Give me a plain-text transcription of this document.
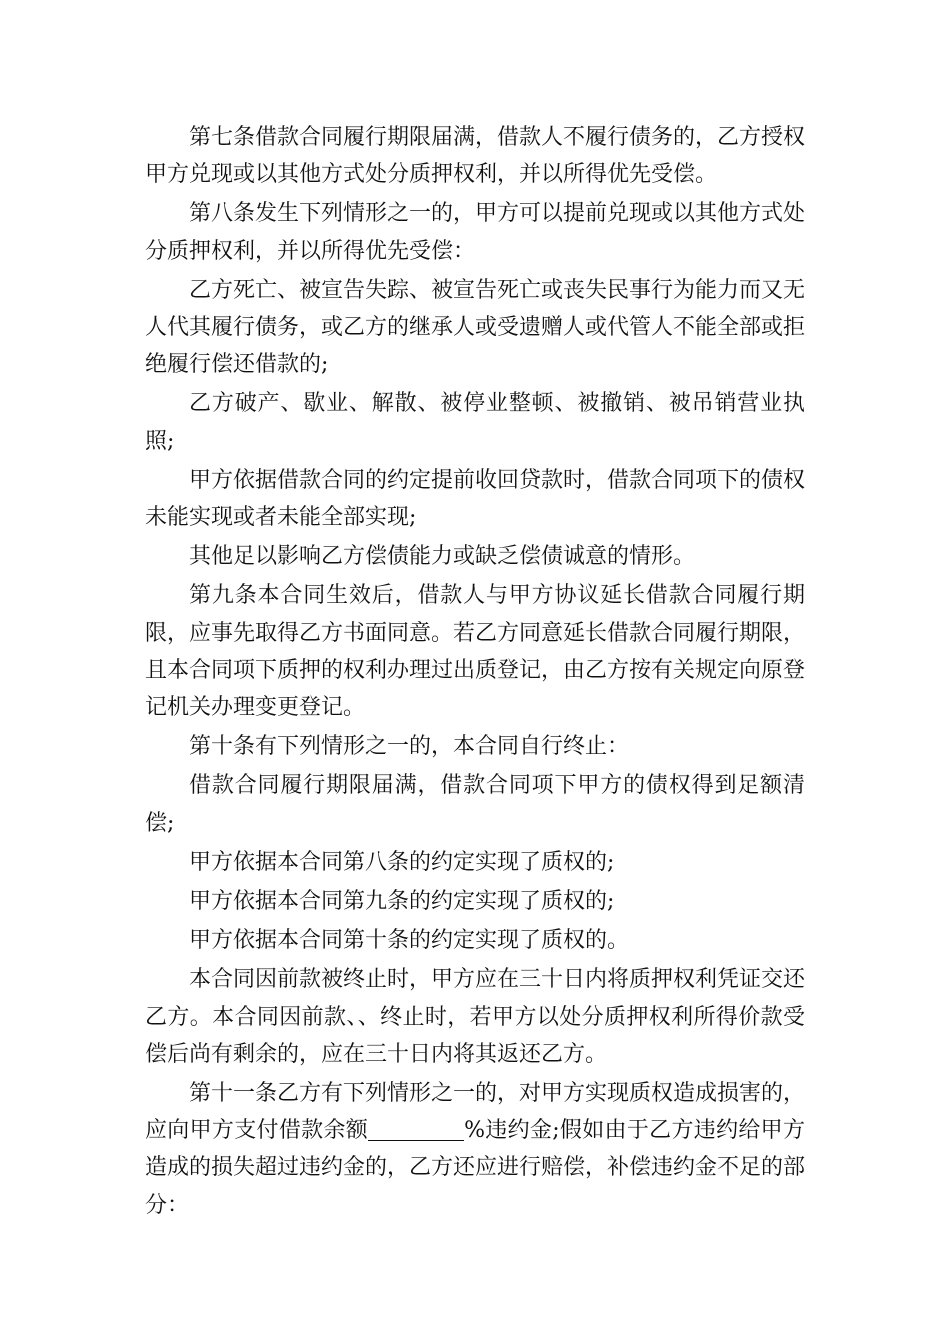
第七条借款合同履行期限届满，借款人不履行债务的，乙方授权甲方兑现或以其他方式处分质押权利，并以所得优先受偿。

第八条发生下列情形之一的，甲方可以提前兑现或以其他方式处分质押权利，并以所得优先受偿：

乙方死亡、被宣告失踪、被宣告死亡或丧失民事行为能力而又无人代其履行债务，或乙方的继承人或受遗赠人或代管人不能全部或拒绝履行偿还借款的;

乙方破产、歇业、解散、被停业整顿、被撤销、被吊销营业执照;

甲方依据借款合同的约定提前收回贷款时，借款合同项下的债权未能实现或者未能全部实现;

其他足以影响乙方偿债能力或缺乏偿债诚意的情形。

第九条本合同生效后，借款人与甲方协议延长借款合同履行期限，应事先取得乙方书面同意。若乙方同意延长借款合同履行期限，且本合同项下质押的权利办理过出质登记，由乙方按有关规定向原登记机关办理变更登记。

第十条有下列情形之一的，本合同自行终止：

借款合同履行期限届满，借款合同项下甲方的债权得到足额清偿;

甲方依据本合同第八条的约定实现了质权的;

甲方依据本合同第九条的约定实现了质权的;

甲方依据本合同第十条的约定实现了质权的。

本合同因前款被终止时，甲方应在三十日内将质押权利凭证交还乙方。本合同因前款、、终止时，若甲方以处分质押权利所得价款受偿后尚有剩余的，应在三十日内将其返还乙方。

第十一条乙方有下列情形之一的，对甲方实现质权造成损害的，应向甲方支付借款余额	%违约金;假如由于乙方违约给甲方造成的损失超过违约金的，乙方还应进行赔偿，补偿违约金不足的部分：
